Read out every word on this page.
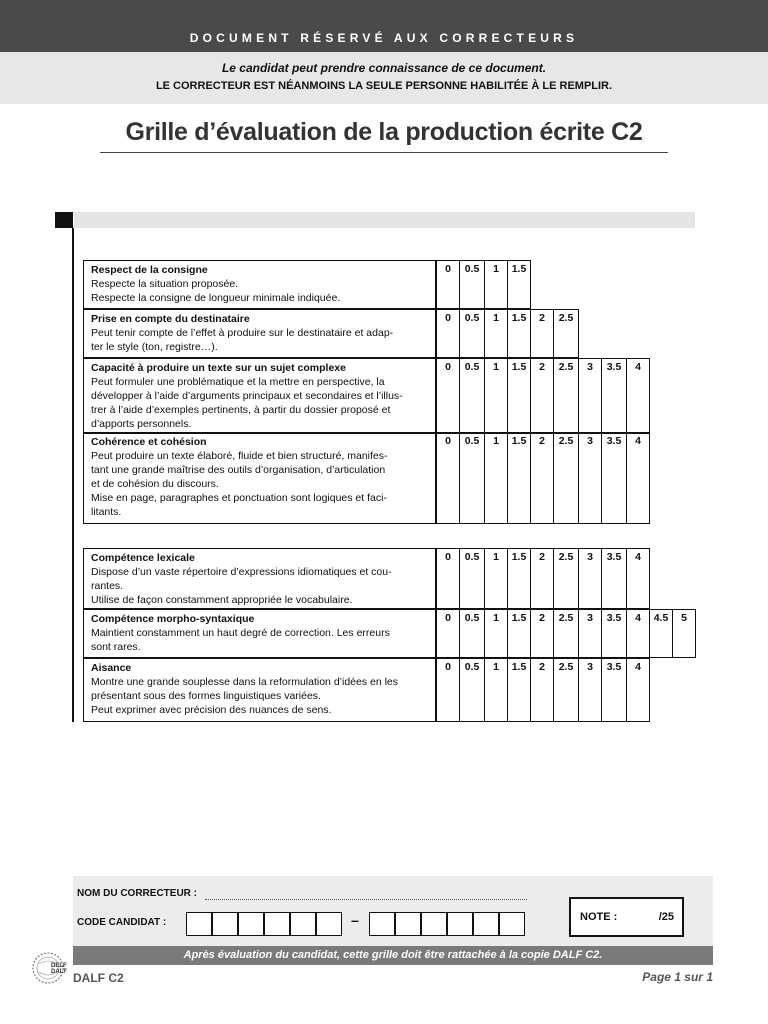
DOCUMENT RÉSERVÉ AUX CORRECTEURS
Le candidat peut prendre connaissance de ce document.
LE CORRECTEUR EST NÉANMOINS LA SEULE PERSONNE HABILITÉE À LE REMPLIR.
Grille d’évaluation de la production écrite C2
Respect de la consigne
Respecte la situation proposée.
Respecte la consigne de longueur minimale indiquée.
0	0.5	1	1.5
Prise en compte du destinataire
Peut tenir compte de l’effet à produire sur le destinataire et adap-
ter le style (ton, registre…).
0	0.5	1	1.5	2	2.5
Capacité à produire un texte sur un sujet complexe
Peut formuler une problématique et la mettre en perspective, la
développer à l’aide d’arguments principaux et secondaires et l’illus-
trer à l’aide d’exemples pertinents, à partir du dossier proposé et
d’apports personnels.
0	0.5	1	1.5	2	2.5	3	3.5	4
Cohérence et cohésion
Peut produire un texte élaboré, fluide et bien structuré, manifes-
tant une grande maîtrise des outils d’organisation, d’articulation
et de cohésion du discours.
Mise en page, paragraphes et ponctuation sont logiques et faci-
litants.
0	0.5	1	1.5	2	2.5	3	3.5	4
Compétence lexicale
Dispose d’un vaste répertoire d’expressions idiomatiques et cou-
rantes.
Utilise de façon constamment appropriée le vocabulaire.
0	0.5	1	1.5	2	2.5	3	3.5	4
Compétence morpho-syntaxique
Maintient constamment un haut degré de correction. Les erreurs
sont rares.
0	0.5	1	1.5	2	2.5	3	3.5	4	4.5	5
Aisance
Montre une grande souplesse dans la reformulation d’idées en les
présentant sous des formes linguistiques variées.
Peut exprimer avec précision des nuances de sens.
0	0.5	1	1.5	2	2.5	3	3.5	4
NOM DU CORRECTEUR :
CODE CANDIDAT :	–	NOTE :	/25
Après évaluation du candidat, cette grille doit être rattachée à la copie DALF C2.
DELF
DALF DALF C2	Page 1 sur 1
